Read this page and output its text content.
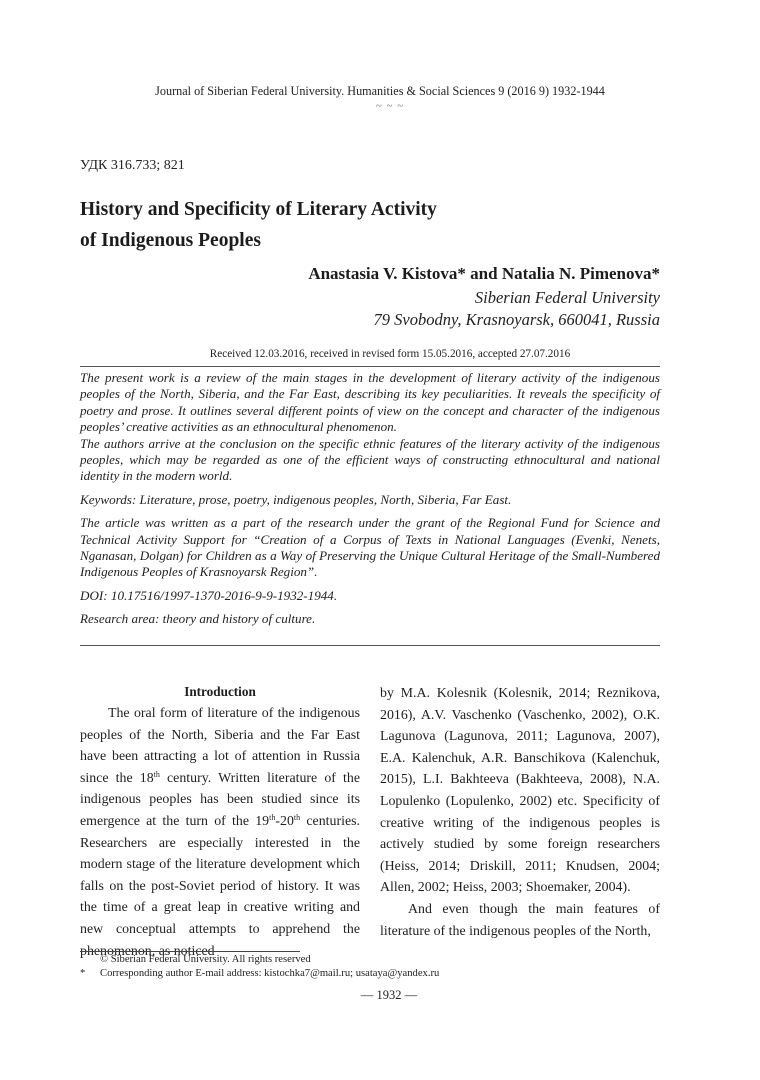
Journal of Siberian Federal University. Humanities & Social Sciences 9 (2016 9) 1932-1944
~ ~ ~
УДК 316.733; 821
History and Specificity of Literary Activity
of Indigenous Peoples
Anastasia V. Kistova* and Natalia N. Pimenova*
Siberian Federal University
79 Svobodny, Krasnoyarsk, 660041, Russia
Received 12.03.2016, received in revised form 15.05.2016, accepted 27.07.2016

The present work is a review of the main stages in the development of literary activity of the indigenous peoples of the North, Siberia, and the Far East, describing its key peculiarities. It reveals the specificity of poetry and prose. It outlines several different points of view on the concept and character of the indigenous peoples’ creative activities as an ethnocultural phenomenon.

The authors arrive at the conclusion on the specific ethnic features of the literary activity of the indigenous peoples, which may be regarded as one of the efficient ways of constructing ethnocultural and national identity in the modern world.

Keywords: Literature, prose, poetry, indigenous peoples, North, Siberia, Far East.

The article was written as a part of the research under the grant of the Regional Fund for Science and Technical Activity Support for “Creation of a Corpus of Texts in National Languages (Evenki, Nenets, Nganasan, Dolgan) for Children as a Way of Preserving the Unique Cultural Heritage of the Small-Numbered Indigenous Peoples of Krasnoyarsk Region”.

DOI: 10.17516/1997-1370-2016-9-9-1932-1944.

Research area: theory and history of culture.

Introduction

The oral form of literature of the indigenous peoples of the North, Siberia and the Far East have been attracting a lot of attention in Russia since the 18th century. Written literature of the indigenous peoples has been studied since its emergence at the turn of the 19th-20th centuries. Researchers are especially interested in the modern stage of the literature development which falls on the post-Soviet period of history. It was the time of a great leap in creative writing and new conceptual attempts to apprehend the phenomenon, as noticed

by M.A. Kolesnik (Kolesnik, 2014; Reznikova, 2016), A.V. Vaschenko (Vaschenko, 2002), O.K. Lagunova (Lagunova, 2011; Lagunova, 2007), E.A. Kalenchuk, A.R. Banschikova (Kalenchuk, 2015), L.I. Bakhteeva (Bakhteeva, 2008), N.A. Lopulenko (Lopulenko, 2002) etc. Specificity of creative writing of the indigenous peoples is actively studied by some foreign researchers (Heiss, 2014; Driskill, 2011; Knudsen, 2004; Allen, 2002; Heiss, 2003; Shoemaker, 2004).

And even though the main features of literature of the indigenous peoples of the North,

© Siberian Federal University. All rights reserved
*	Corresponding author E-mail address: kistochka7@mail.ru; usataya@yandex.ru
— 1932 —
